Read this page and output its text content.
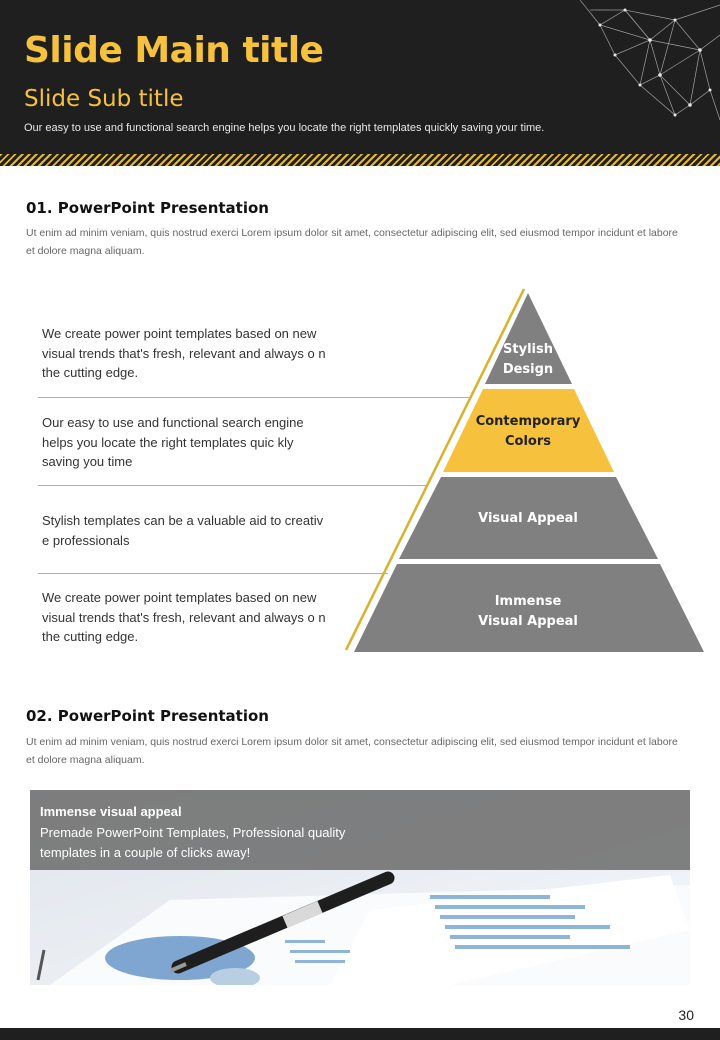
Slide Main title
Slide Sub title
Our easy to use and functional search engine helps you locate the right templates quickly saving your time.
01. PowerPoint Presentation
Ut enim ad minim veniam, quis nostrud exerci Lorem ipsum dolor sit amet, consectetur adipiscing elit, sed eiusmod tempor incidunt et labore et dolore magna aliquam.
We create power point templates based on new visual trends that's fresh, relevant and always o n the cutting edge.
Our easy to use and functional search engine helps you locate the right templates quic kly saving you time
Stylish templates can be a valuable aid to creativ e professionals
We create power point templates based on new visual trends that's fresh, relevant and always o n the cutting edge.
Stylish
Design
Contemporary
Colors
Visual Appeal
Immense
Visual Appeal
02. PowerPoint Presentation
Ut enim ad minim veniam, quis nostrud exerci Lorem ipsum dolor sit amet, consectetur adipiscing elit, sed eiusmod tempor incidunt et labore et dolore magna aliquam.
Immense visual appeal
Premade PowerPoint Templates, Professional quality templates in a couple of clicks away!
30
